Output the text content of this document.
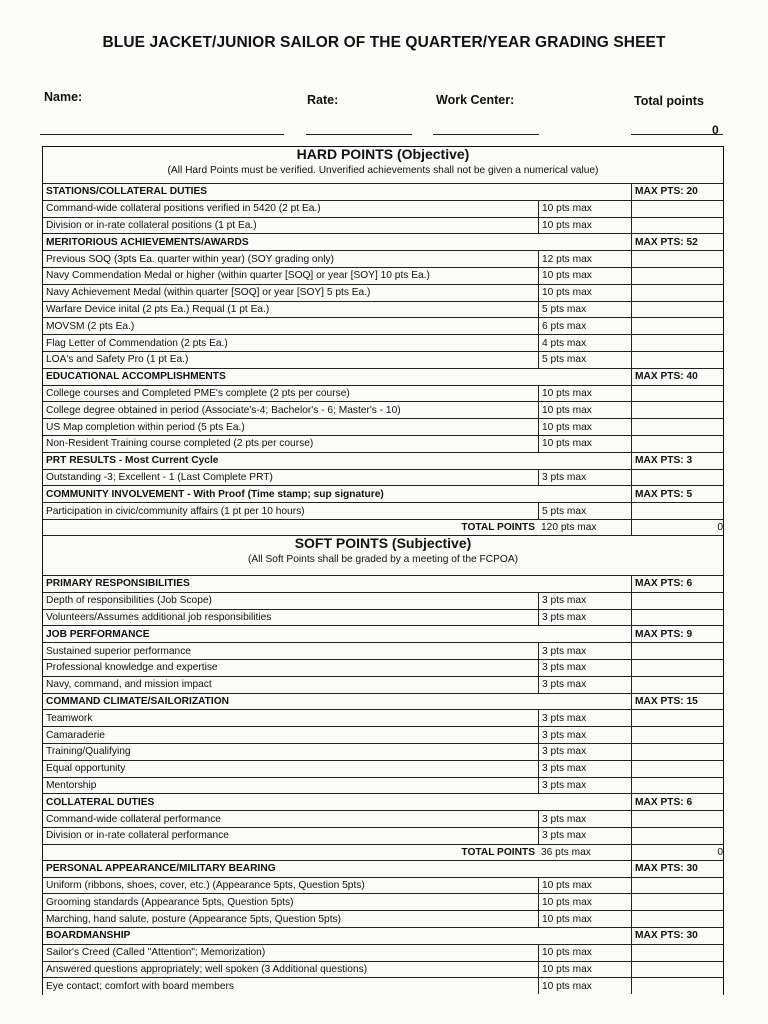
BLUE JACKET/JUNIOR SAILOR OF THE QUARTER/YEAR GRADING SHEET
Name:	Rate:	Work Center:	Total points
0
HARD POINTS (Objective)
(All Hard Points must be verified. Unverified achievements shall not be given a numerical value)
STATIONS/COLLATERAL DUTIES	MAX PTS: 20
Command-wide collateral positions verified in 5420 (2 pt Ea.)	10 pts max
Division or in-rate collateral positions (1 pt Ea.)	10 pts max
MERITORIOUS ACHIEVEMENTS/AWARDS	MAX PTS: 52
Previous SOQ (3pts Ea. quarter within year) (SOY grading only)	12 pts max
Navy Commendation Medal or higher (within quarter [SOQ] or year [SOY] 10 pts Ea.)	10 pts max
Navy Achievement Medal (within quarter [SOQ] or year [SOY] 5 pts Ea.)	10 pts max
Warfare Device inital (2 pts Ea.) Requal (1 pt Ea.)	5 pts max
MOVSM (2 pts Ea.)	6 pts max
Flag Letter of Commendation (2 pts Ea.)	4 pts max
LOA's and Safety Pro (1 pt Ea.)	5 pts max
EDUCATIONAL ACCOMPLISHMENTS	MAX PTS: 40
College courses and Completed PME's complete (2 pts per course)	10 pts max
College degree obtained in period (Associate's-4; Bachelor's - 6; Master's - 10)	10 pts max
US Map completion within period (5 pts Ea.)	10 pts max
Non-Resident Training course completed (2 pts per course)	10 pts max
PRT RESULTS - Most Current Cycle	MAX PTS: 3
Outstanding -3; Excellent - 1 (Last Complete PRT)	3 pts max
COMMUNITY INVOLVEMENT - With Proof (Time stamp; sup signature)	MAX PTS: 5
Participation in civic/community affairs (1 pt per 10 hours)	5 pts max
TOTAL POINTS 120 pts max	0
SOFT POINTS (Subjective)
(All Soft Points shall be graded by a meeting of the FCPOA)
PRIMARY RESPONSIBILITIES	MAX PTS: 6
Depth of responsibilities (Job Scope)	3 pts max
Volunteers/Assumes additional job responsibilities	3 pts max
JOB PERFORMANCE	MAX PTS: 9
Sustained superior performance	3 pts max
Professional knowledge and expertise	3 pts max
Navy, command, and mission impact	3 pts max
COMMAND CLIMATE/SAILORIZATION	MAX PTS: 15
Teamwork	3 pts max
Camaraderie	3 pts max
Training/Qualifying	3 pts max
Equal opportunity	3 pts max
Mentorship	3 pts max
COLLATERAL DUTIES	MAX PTS: 6
Command-wide collateral performance	3 pts max
Division or in-rate collateral performance	3 pts max
TOTAL POINTS 36 pts max	0
PERSONAL APPEARANCE/MILITARY BEARING	MAX PTS: 30
Uniform (ribbons, shoes, cover, etc.) (Appearance 5pts, Question 5pts)	10 pts max
Grooming standards (Appearance 5pts, Question 5pts)	10 pts max
Marching, hand salute, posture (Appearance 5pts, Question 5pts)	10 pts max
BOARDMANSHIP	MAX PTS: 30
Sailor's Creed (Called "Attention"; Memorization)	10 pts max
Answered questions appropriately; well spoken (3 Additional questions)	10 pts max
Eye contact; comfort with board members	10 pts max
